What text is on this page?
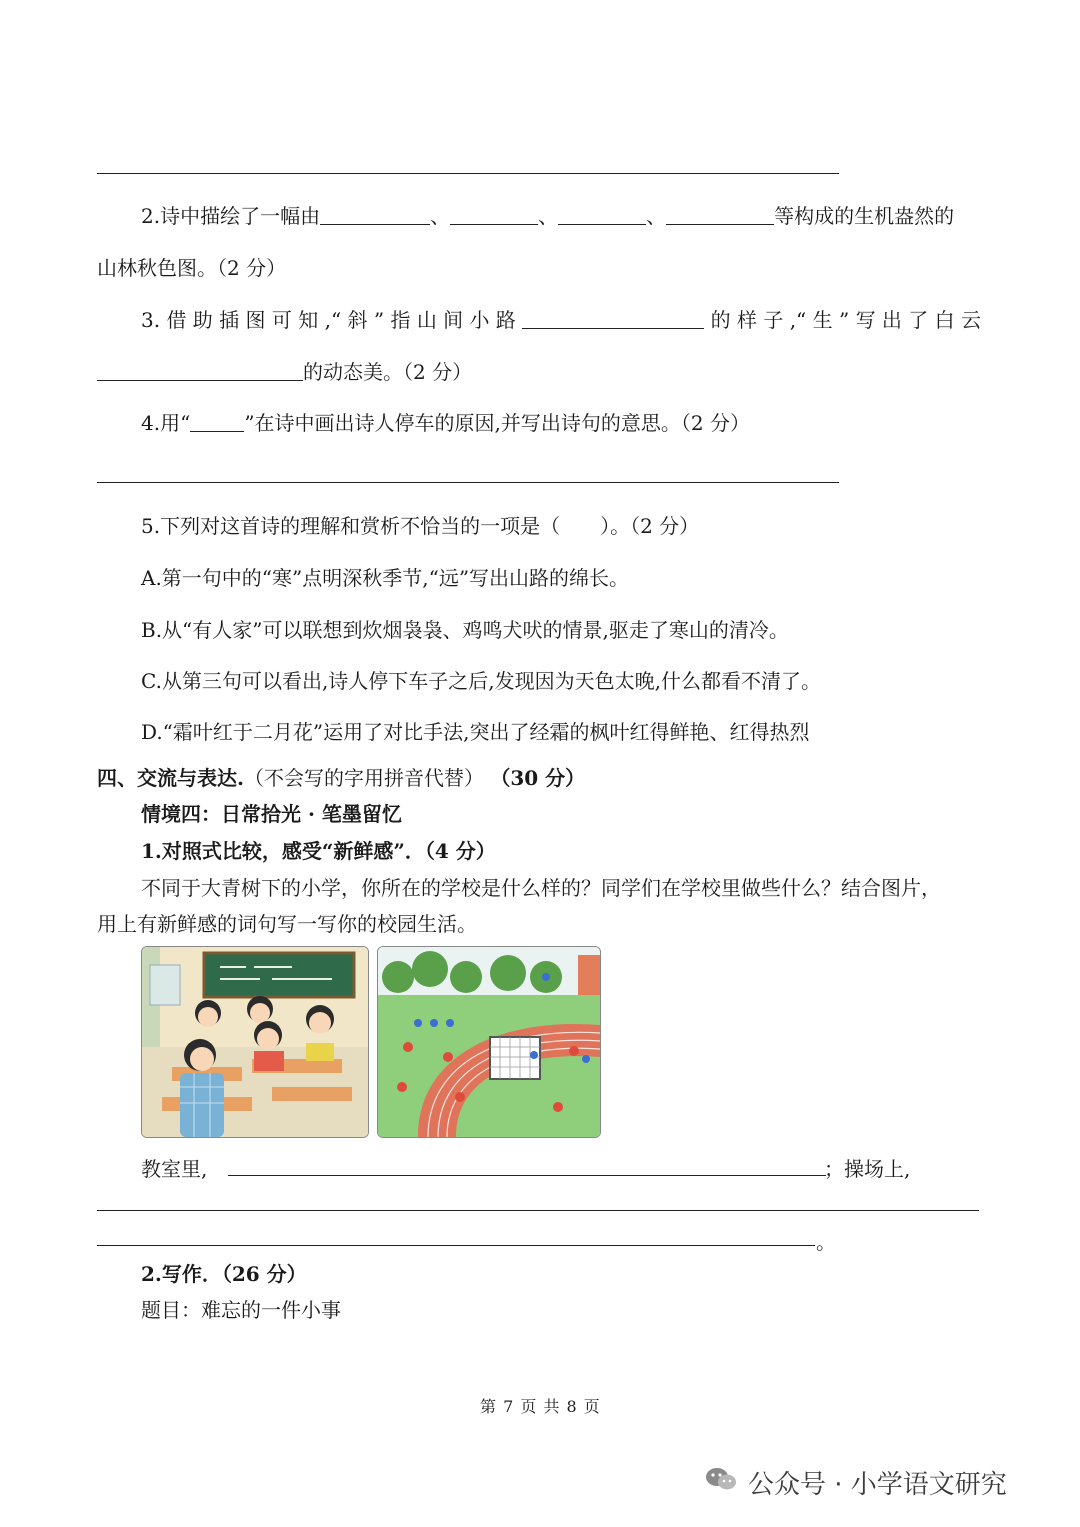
2.诗中描绘了一幅由	、	、	、	等构成的生机盎然的
山林秋色图。（2 分）
3. 借 助 插 图 可 知 ,“ 斜 ” 指 山 间 小 路	的 样 子 ,“ 生 ” 写 出 了 白 云
的动态美。（2 分）
4.用“	”在诗中画出诗人停车的原因,并写出诗句的意思。（2 分）
5.下列对这首诗的理解和赏析不恰当的一项是（　　）。（2 分）
A.第一句中的“寒”点明深秋季节,“远”写出山路的绵长。
B.从“有人家”可以联想到炊烟袅袅、鸡鸣犬吠的情景,驱走了寒山的清冷。
C.从第三句可以看出,诗人停下车子之后,发现因为天色太晚,什么都看不清了。
D.“霜叶红于二月花”运用了对比手法,突出了经霜的枫叶红得鲜艳、红得热烈
四、交流与表达.（不会写的字用拼音代替） （30 分）
情境四：日常拾光 · 笔墨留忆
1.对照式比较，感受“新鲜感”．（4 分）
不同于大青树下的小学，你所在的学校是什么样的？同学们在学校里做些什么？结合图片，
用上有新鲜感的词句写一写你的校园生活。
教室里,	；操场上,
。
2.写作．（26 分）
题目：难忘的一件小事
第 7 页 共 8 页
公众号 · 小学语文研究
